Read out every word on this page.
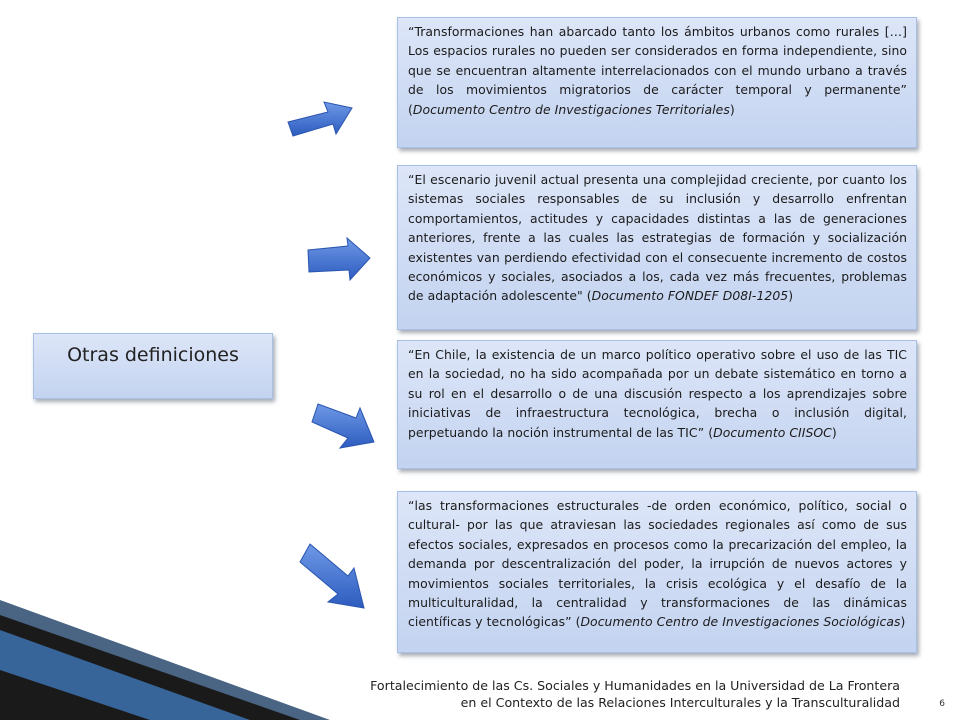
Otras definiciones
“Transformaciones han abarcado tanto los ámbitos urbanos como rurales […] Los espacios rurales no pueden ser considerados en forma independiente, sino que se encuentran altamente interrelacionados con el mundo urbano a través de los movimientos migratorios de carácter temporal y permanente” (Documento Centro de Investigaciones Territoriales)
“El escenario juvenil actual presenta una complejidad creciente, por cuanto los sistemas sociales responsables de su inclusión y desarrollo enfrentan comportamientos, actitudes y capacidades distintas a las de generaciones anteriores, frente a las cuales las estrategias de formación y socialización existentes van perdiendo efectividad con el consecuente incremento de costos económicos y sociales, asociados a los, cada vez más frecuentes, problemas de adaptación adolescente" (Documento FONDEF D08I-1205)
“En Chile, la existencia de un marco político operativo sobre el uso de las TIC en la sociedad, no ha sido acompañada por un debate sistemático en torno a su rol en el desarrollo o de una discusión respecto a los aprendizajes sobre iniciativas de infraestructura tecnológica, brecha o inclusión digital, perpetuando la noción instrumental de las TIC” (Documento CIISOC)
“las transformaciones estructurales -de orden económico, político, social o cultural- por las que atraviesan las sociedades regionales así como de sus efectos sociales, expresados en procesos como la precarización del empleo, la demanda por descentralización del poder, la irrupción de nuevos actores y movimientos sociales territoriales, la crisis ecológica y el desafío de la multiculturalidad, la centralidad y transformaciones de las dinámicas científicas y tecnológicas” (Documento Centro de Investigaciones Sociológicas)
Fortalecimiento de las Cs. Sociales y Humanidades en la Universidad de La Frontera
en el Contexto de las Relaciones Interculturales y la Transculturalidad	6
